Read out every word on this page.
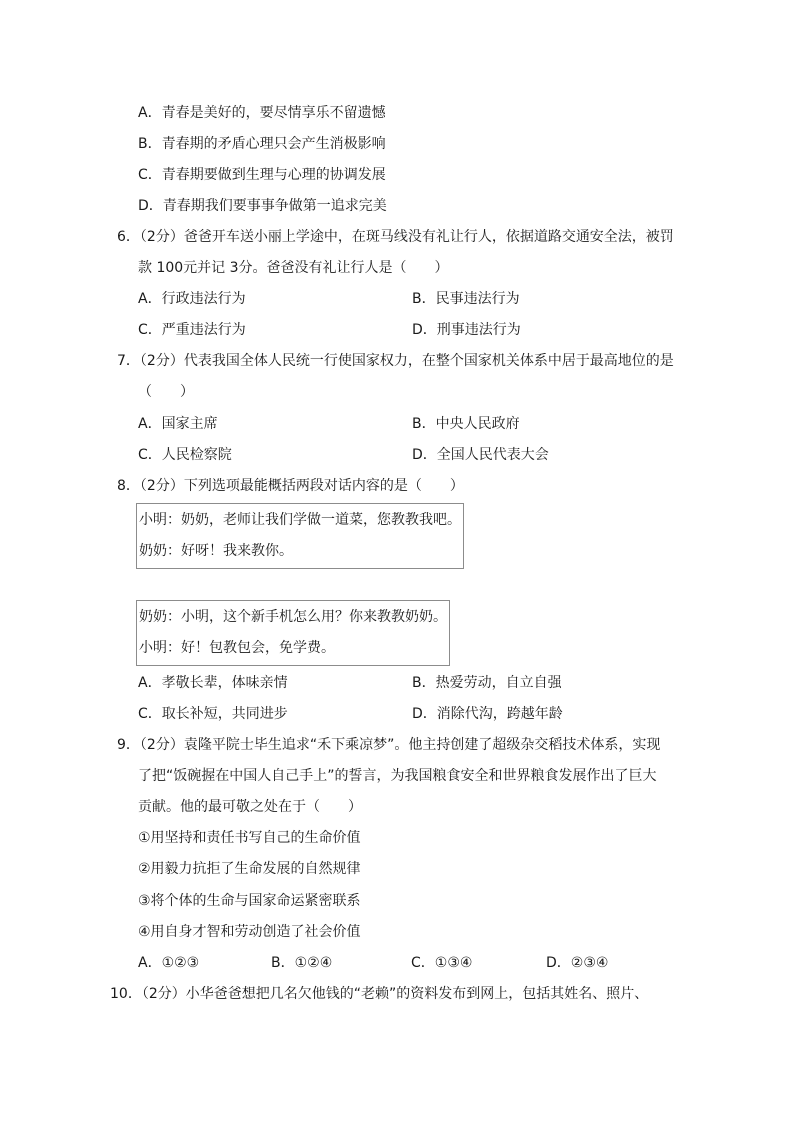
A．青春是美好的，要尽情享乐不留遗憾
B．青春期的矛盾心理只会产生消极影响
C．青春期要做到生理与心理的协调发展
D．青春期我们要事事争做第一追求完美
6．（2分）爸爸开车送小丽上学途中，在斑马线没有礼让行人，依据道路交通安全法，被罚
款 100元并记 3分。爸爸没有礼让行人是（　　）
A．行政违法行为	B．民事违法行为
C．严重违法行为	D．刑事违法行为
7．（2分）代表我国全体人民统一行使国家权力，在整个国家机关体系中居于最高地位的是
（　　）
A．国家主席	B．中央人民政府
C．人民检察院	D．全国人民代表大会
8．（2分）下列选项最能概括两段对话内容的是（　　）
小明：奶奶，老师让我们学做一道菜，您教教我吧。
奶奶：好呀！我来教你。
奶奶：小明，这个新手机怎么用？你来教教奶奶。
小明：好！包教包会，免学费。
A．孝敬长辈，体味亲情	B．热爱劳动，自立自强
C．取长补短，共同进步	D．消除代沟，跨越年龄
9．（2分）袁隆平院士毕生追求“禾下乘凉梦”。他主持创建了超级杂交稻技术体系，实现
了把“饭碗握在中国人自己手上”的誓言，为我国粮食安全和世界粮食发展作出了巨大
贡献。他的最可敬之处在于（　　）
①用坚持和责任书写自己的生命价值
②用毅力抗拒了生命发展的自然规律
③将个体的生命与国家命运紧密联系
④用自身才智和劳动创造了社会价值
A．①②③	B．①②④	C．①③④	D．②③④
10．（2分）小华爸爸想把几名欠他钱的“老赖”的资料发布到网上，包括其姓名、照片、
